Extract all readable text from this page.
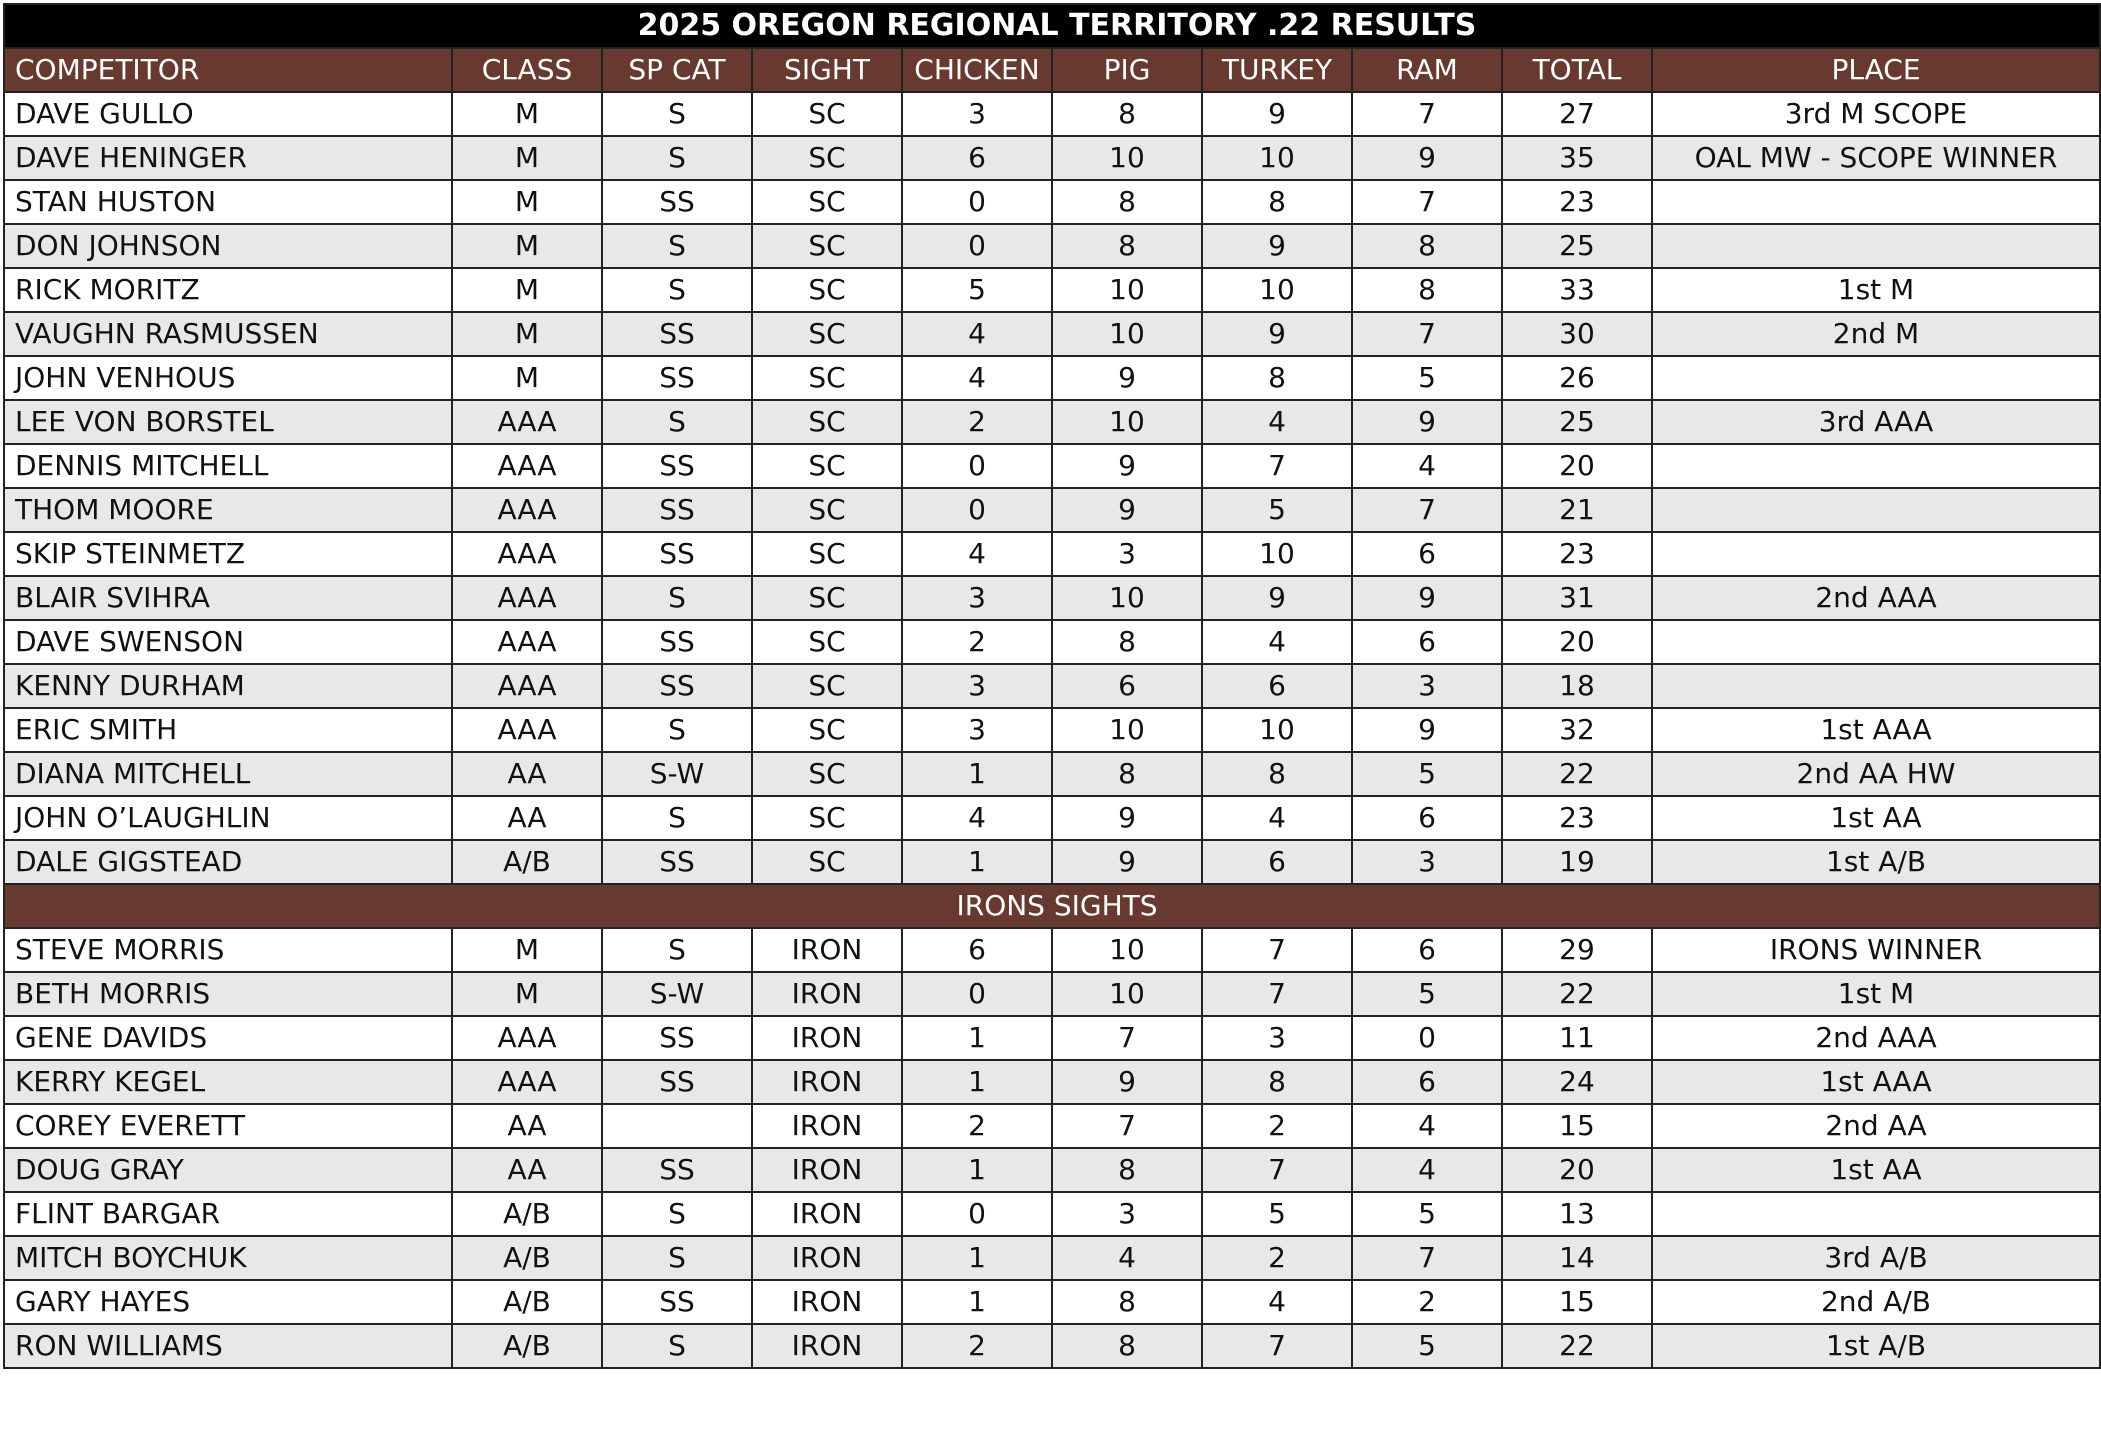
2025 OREGON REGIONAL TERRITORY .22 RESULTS									
COMPETITOR	CLASS	SP CAT	SIGHT	CHICKEN	PIG	TURKEY	RAM	TOTAL	PLACE
DAVE GULLO	M	S	SC	3	8	9	7	27	3rd M SCOPE
DAVE HENINGER	M	S	SC	6	10	10	9	35	OAL MW - SCOPE WINNER
STAN HUSTON	M	SS	SC	0	8	8	7	23	
DON JOHNSON	M	S	SC	0	8	9	8	25	
RICK MORITZ	M	S	SC	5	10	10	8	33	1st M
VAUGHN RASMUSSEN	M	SS	SC	4	10	9	7	30	2nd M
JOHN VENHOUS	M	SS	SC	4	9	8	5	26	
LEE VON BORSTEL	AAA	S	SC	2	10	4	9	25	3rd AAA
DENNIS MITCHELL	AAA	SS	SC	0	9	7	4	20	
THOM MOORE	AAA	SS	SC	0	9	5	7	21	
SKIP STEINMETZ	AAA	SS	SC	4	3	10	6	23	
BLAIR SVIHRA	AAA	S	SC	3	10	9	9	31	2nd AAA
DAVE SWENSON	AAA	SS	SC	2	8	4	6	20	
KENNY DURHAM	AAA	SS	SC	3	6	6	3	18	
ERIC SMITH	AAA	S	SC	3	10	10	9	32	1st AAA
DIANA MITCHELL	AA	S-W	SC	1	8	8	5	22	2nd AA HW
JOHN O’LAUGHLIN	AA	S	SC	4	9	4	6	23	1st AA
DALE GIGSTEAD	A/B	SS	SC	1	9	6	3	19	1st A/B
IRONS SIGHTS									
STEVE MORRIS	M	S	IRON	6	10	7	6	29	IRONS WINNER
BETH MORRIS	M	S-W	IRON	0	10	7	5	22	1st M
GENE DAVIDS	AAA	SS	IRON	1	7	3	0	11	2nd AAA
KERRY KEGEL	AAA	SS	IRON	1	9	8	6	24	1st AAA
COREY EVERETT	AA		IRON	2	7	2	4	15	2nd AA
DOUG GRAY	AA	SS	IRON	1	8	7	4	20	1st AA
FLINT BARGAR	A/B	S	IRON	0	3	5	5	13	
MITCH BOYCHUK	A/B	S	IRON	1	4	2	7	14	3rd A/B
GARY HAYES	A/B	SS	IRON	1	8	4	2	15	2nd A/B
RON WILLIAMS	A/B	S	IRON	2	8	7	5	22	1st A/B
